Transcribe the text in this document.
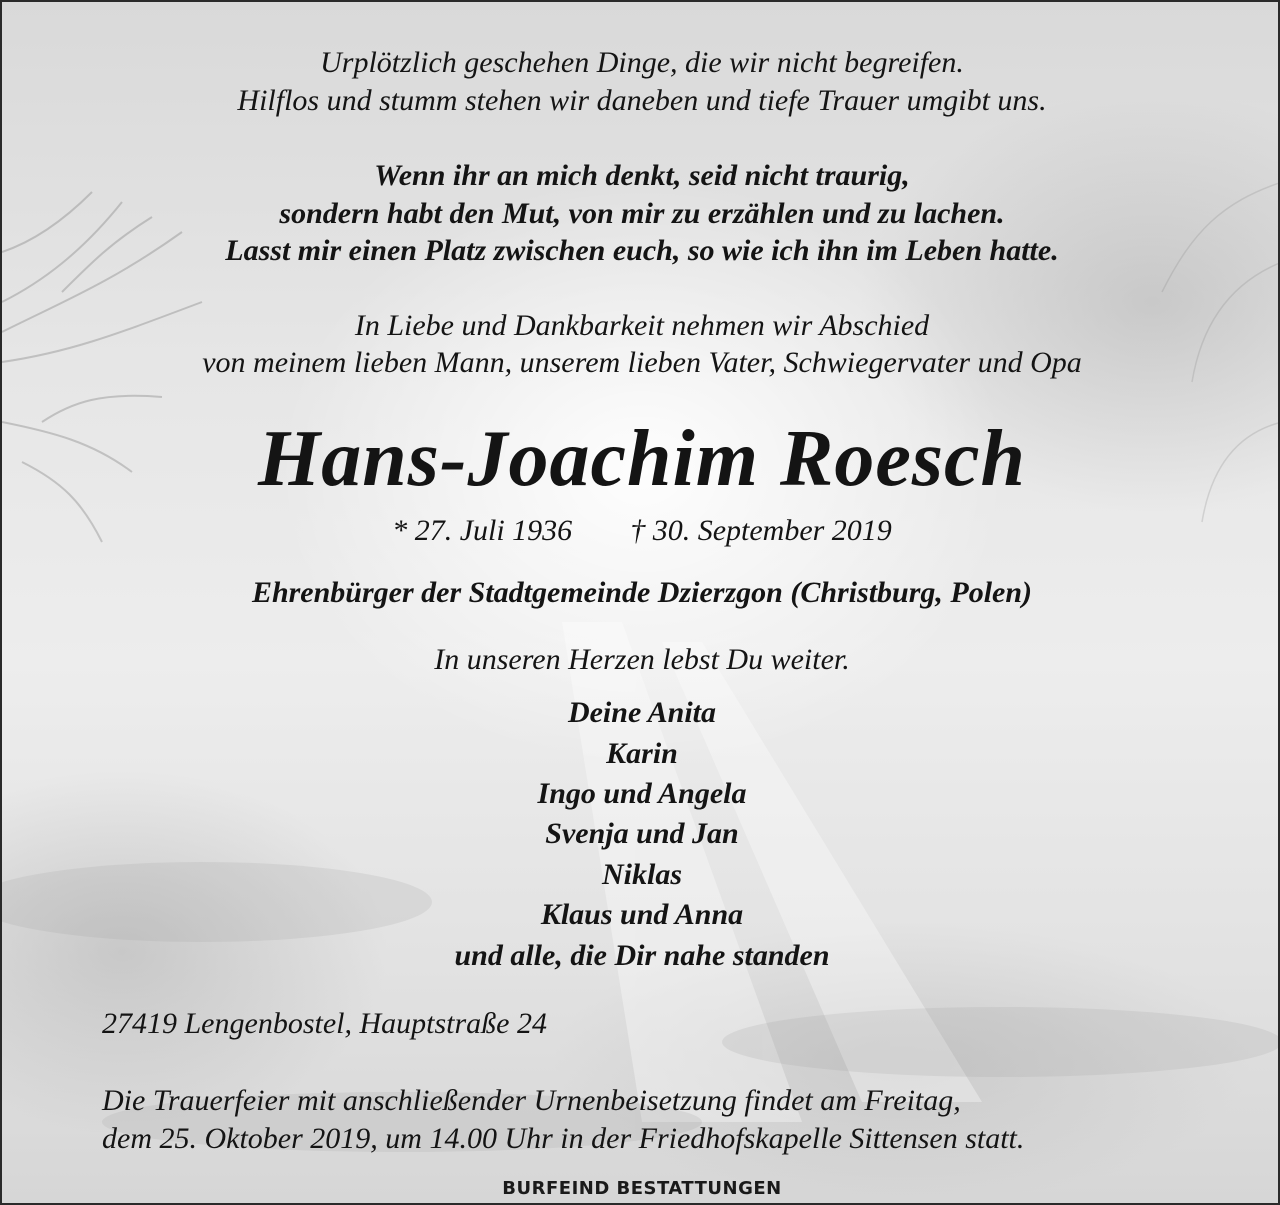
Urplötzlich geschehen Dinge, die wir nicht begreifen.
Hilflos und stumm stehen wir daneben und tiefe Trauer umgibt uns.
Wenn ihr an mich denkt, seid nicht traurig,
sondern habt den Mut, von mir zu erzählen und zu lachen.
Lasst mir einen Platz zwischen euch, so wie ich ihn im Leben hatte.
In Liebe und Dankbarkeit nehmen wir Abschied
von meinem lieben Mann, unserem lieben Vater, Schwiegervater und Opa
Hans-Joachim Roesch
* 27. Juli 1936 † 30. September 2019
Ehrenbürger der Stadtgemeinde Dzierzgon (Christburg, Polen)
In unseren Herzen lebst Du weiter.
Deine Anita
Karin
Ingo und Angela
Svenja und Jan
Niklas
Klaus und Anna
und alle, die Dir nahe standen
27419 Lengenbostel, Hauptstraße 24
Die Trauerfeier mit anschließender Urnenbeisetzung findet am Freitag,
dem 25. Oktober 2019, um 14.00 Uhr in der Friedhofskapelle Sittensen statt.
BURFEIND BESTATTUNGEN
